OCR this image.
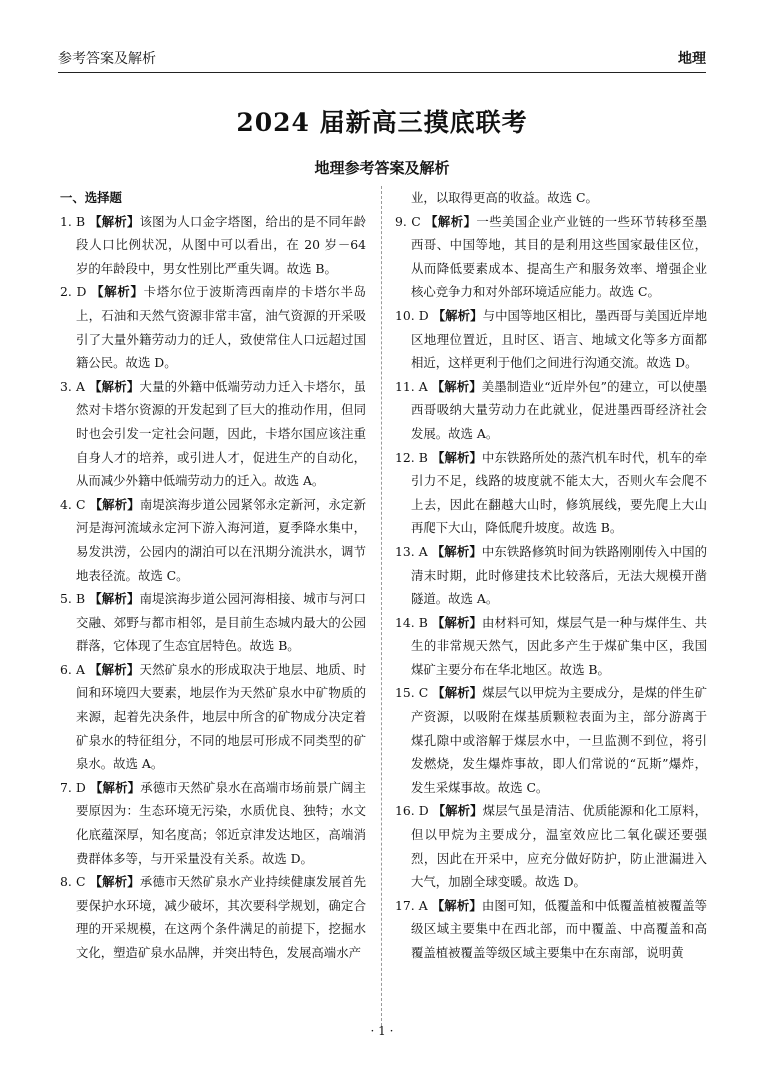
参考答案及解析	地理
2024 届新高三摸底联考
地理参考答案及解析
一、选择题

1. B 【解析】该图为人口金字塔图，给出的是不同年龄段人口比例状况，从图中可以看出，在 20 岁－64 岁的年龄段中，男女性别比严重失调。故选 B。

2. D 【解析】卡塔尔位于波斯湾西南岸的卡塔尔半岛上，石油和天然气资源非常丰富，油气资源的开采吸引了大量外籍劳动力的迁人，致使常住人口远超过国籍公民。故选 D。

3. A 【解析】大量的外籍中低端劳动力迁入卡塔尔，虽然对卡塔尔资源的开发起到了巨大的推动作用，但同时也会引发一定社会问题，因此，卡塔尔国应该注重自身人才的培养，或引进人才，促进生产的自动化，从而减少外籍中低端劳动力的迁入。故选 A。

4. C 【解析】南堤滨海步道公园紧邻永定新河，永定新河是海河流域永定河下游入海河道，夏季降水集中，易发洪涝，公园内的湖泊可以在汛期分流洪水，调节地表径流。故选 C。

5. B 【解析】南堤滨海步道公园河海相接、城市与河口交融、郊野与都市相邻，是目前生态城内最大的公园群落，它体现了生态宜居特色。故选 B。

6. A 【解析】天然矿泉水的形成取决于地层、地质、时间和环境四大要素，地层作为天然矿泉水中矿物质的来源，起着先决条件，地层中所含的矿物成分决定着矿泉水的特征组分，不同的地层可形成不同类型的矿泉水。故选 A。

7. D 【解析】承德市天然矿泉水在高端市场前景广阔主要原因为：生态环境无污染，水质优良、独特；水文化底蕴深厚，知名度高；邻近京津发达地区，高端消费群体多等，与开采量没有关系。故选 D。

8. C 【解析】承德市天然矿泉水产业持续健康发展首先要保护水环境，减少破坏，其次要科学规划，确定合理的开采规模，在这两个条件满足的前提下，挖掘水文化，塑造矿泉水品牌，并突出特色，发展高端水产

业，以取得更高的收益。故选 C。

9. C 【解析】一些美国企业产业链的一些环节转移至墨西哥、中国等地，其目的是利用这些国家最佳区位，从而降低要素成本、提高生产和服务效率、增强企业核心竞争力和对外部环境适应能力。故选 C。

10. D 【解析】与中国等地区相比，墨西哥与美国近岸地区地理位置近，且时区、语言、地域文化等多方面都相近，这样更利于他们之间进行沟通交流。故选 D。

11. A 【解析】美墨制造业“近岸外包”的建立，可以使墨西哥吸纳大量劳动力在此就业，促进墨西哥经济社会发展。故选 A。

12. B 【解析】中东铁路所处的蒸汽机车时代，机车的牵引力不足，线路的坡度就不能太大，否则火车会爬不上去，因此在翻越大山时，修筑展线，要先爬上大山再爬下大山，降低爬升坡度。故选 B。

13. A 【解析】中东铁路修筑时间为铁路刚刚传入中国的清末时期，此时修建技术比较落后，无法大规模开凿隧道。故选 A。

14. B 【解析】由材料可知，煤层气是一种与煤伴生、共生的非常规天然气，因此多产生于煤矿集中区，我国煤矿主要分布在华北地区。故选 B。

15. C 【解析】煤层气以甲烷为主要成分，是煤的伴生矿产资源，以吸附在煤基质颗粒表面为主，部分游离于煤孔隙中或溶解于煤层水中，一旦监测不到位，将引发燃烧，发生爆炸事故，即人们常说的“瓦斯”爆炸，发生采煤事故。故选 C。

16. D 【解析】煤层气虽是清洁、优质能源和化工原料，但以甲烷为主要成分，温室效应比二氧化碳还要强烈，因此在开采中，应充分做好防护，防止泄漏进入大气，加剧全球变暖。故选 D。

17. A 【解析】由图可知，低覆盖和中低覆盖植被覆盖等级区域主要集中在西北部，而中覆盖、中高覆盖和高覆盖植被覆盖等级区域主要集中在东南部，说明黄

· 1 ·
